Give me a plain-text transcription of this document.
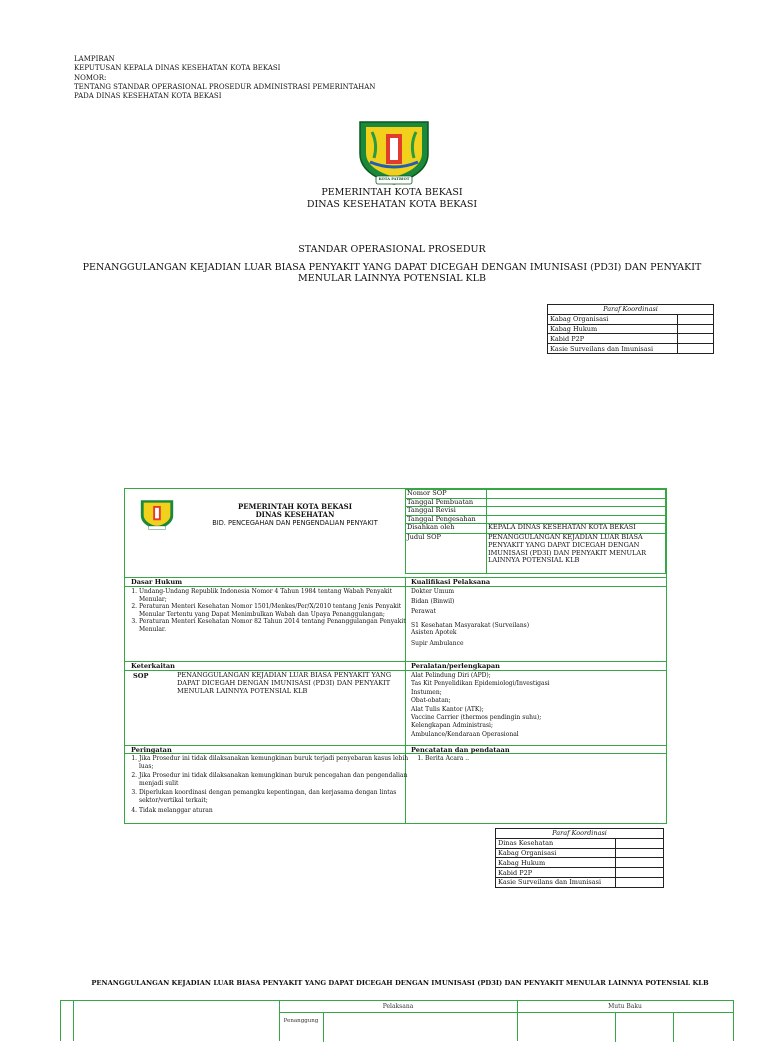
LAMPIRAN
KEPUTUSAN KEPALA DINAS KESEHATAN KOTA BEKASI
NOMOR:
TENTANG STANDAR OPERASIONAL PROSEDUR ADMINISTRASI PEMERINTAHAN
PADA DINAS KESEHATAN KOTA BEKASI
KOTA PATRIOT
PEMERINTAH KOTA BEKASI
DINAS KESEHATAN KOTA BEKASI
STANDAR OPERASIONAL PROSEDUR
PENANGGULANGAN KEJADIAN LUAR BIASA PENYAKIT YANG DAPAT DICEGAH DENGAN IMUNISASI (PD3I) DAN PENYAKIT
MENULAR LAINNYA POTENSIAL KLB
Paraf Koordinasi	
Kabag Organisasi	
Kabag Hukum	
Kabid P2P	
Kasie Surveilans dan Imunisasi	
PEMERINTAH KOTA BEKASI
DINAS KESEHATAN
BID. PENCEGAHAN DAN PENGENDALIAN PENYAKIT
Nomor SOP	
Tanggal Pembuatan	
Tanggal Revisi	
Tanggal Pengesahan	
Disahkan oleh	KEPALA DINAS KESEHATAN KOTA BEKASI
Judul SOP	PENANGGULANGAN KEJADIAN LUAR BIASA PENYAKIT YANG DAPAT DICEGAH DENGAN IMUNISASI (PD3I) DAN PENYAKIT MENULAR LAINNYA POTENSIAL KLB
Dasar Hukum
1. Undang-Undang Republik Indonesia Nomor 4 Tahun 1984 tentang Wabah Penyakit Menular;
2. Peraturan Menteri Kesehatan Nomor 1501/Menkes/Per/X/2010 tentang Jenis Penyakit Menular Tertentu yang Dapat Menimbulkan Wabah dan Upaya Penanggulangan;
3. Peraturan Menteri Kesehatan Nomor 82 Tahun 2014 tentang Penanggulangan Penyakit Menular.
Kualifikasi Pelaksana
Dokter Umum
Bidan (Binwil)
Perawat
S1 Kesehatan Masyarakat (Surveilans)
Asisten Apotek
Supir Ambulance
Keterkaitan
SOP	PENANGGULANGAN KEJADIAN LUAR BIASA PENYAKIT YANG DAPAT DICEGAH DENGAN IMUNISASI (PD3I) DAN PENYAKIT MENULAR LAINNYA POTENSIAL KLB
Peralatan/perlengkapan
Alat Pelindung Diri (APD);
Tas Kit Penyelidikan Epidemiologi/Investigasi
Instumen;
Obat-obatan;
Alat Tulis Kantor (ATK);
Vaccine Carrier (thermos pendingin suhu);
Kelengkapan Administrasi;
Ambulance/Kendaraan Operasional
Peringatan
1. Jika Prosedur ini tidak dilaksanakan kemungkinan buruk terjadi penyebaran kasus lebih luas;
2. Jika Prosedur ini tidak dilaksanakan kemungkinan buruk pencegahan dan pengendalian menjadi sulit
3. Diperlukan koordinasi dengan pemangku kepentingan, dan kerjasama dengan lintas sektor/vertikal terkait;
4. Tidak melanggar aturan
Pencatatan dan pendataan
1. Berita Acara ..
Paraf Koordinasi	
Dinas Kesehatan	
Kabag Organisasi	
Kabag Hukum	
Kabid P2P	
Kasie Surveilans dan Imunisasi	
PENANGGULANGAN KEJADIAN LUAR BIASA PENYAKIT YANG DAPAT DICEGAH DENGAN IMUNISASI (PD3I) DAN PENYAKIT MENULAR LAINNYA POTENSIAL KLB
Pelaksana	Mutu Baku
Penanggung
